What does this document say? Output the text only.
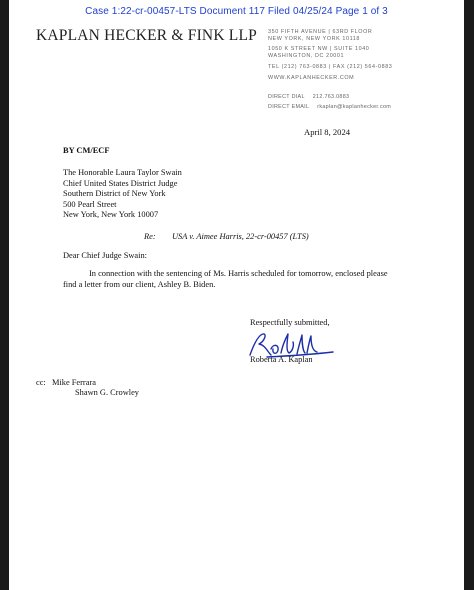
Case 1:22-cr-00457-LTS Document 117 Filed 04/25/24 Page 1 of 3
KAPLAN HECKER & FINK LLP 350 FIFTH AVENUE | 63RD FLOOR
NEW YORK, NEW YORK 10118
1050 K STREET NW | SUITE 1040
WASHINGTON, DC 20001
TEL (212) 763-0883 | FAX (212) 564-0883
WWW.KAPLANHECKER.COM
DIRECT DIAL 212.763.0883
DIRECT EMAIL rkaplan@kaplanhecker.com
April 8, 2024
BY CM/ECF
The Honorable Laura Taylor Swain
Chief United States District Judge
Southern District of New York
500 Pearl Street
New York, New York 10007
Re: USA v. Aimee Harris, 22-cr-00457 (LTS)
Dear Chief Judge Swain:
In connection with the sentencing of Ms. Harris scheduled for tomorrow, enclosed please
find a letter from our client, Ashley B. Biden.
Respectfully submitted,
Roberta A. Kaplan
cc: Mike Ferrara
Shawn G. Crowley
